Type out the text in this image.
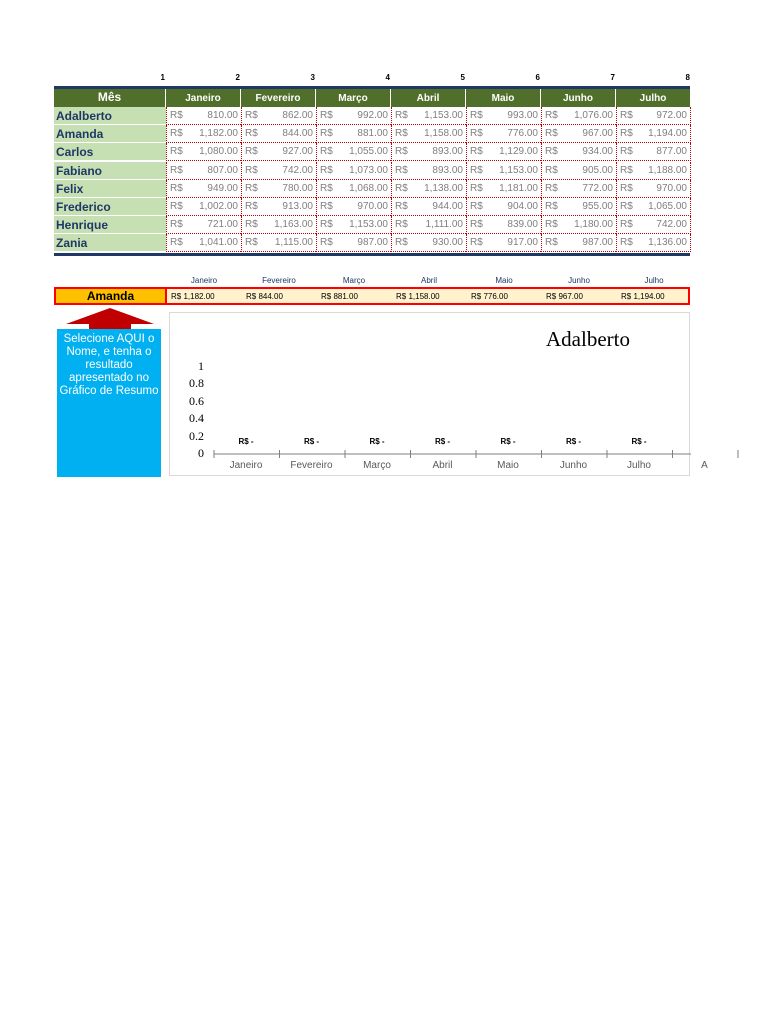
1	2	3	4	5	6	7	8
Mês	Janeiro	Fevereiro	Março	Abril	Maio	Junho	Julho
Adalberto	R$ 810.00 R$ 862.00 R$ 992.00 R$ 1,153.00 R$ 993.00 R$ 1,076.00 R$ 972.00
Amanda	R$ 1,182.00 R$ 844.00 R$ 881.00 R$ 1,158.00 R$ 776.00 R$ 967.00 R$ 1,194.00
Carlos	R$ 1,080.00 R$ 927.00 R$ 1,055.00 R$ 893.00 R$ 1,129.00 R$ 934.00 R$ 877.00
Fabiano	R$ 807.00 R$ 742.00 R$ 1,073.00 R$ 893.00 R$ 1,153.00 R$ 905.00 R$ 1,188.00
Felix	R$ 949.00 R$ 780.00 R$ 1,068.00 R$ 1,138.00 R$ 1,181.00 R$ 772.00 R$ 970.00
Frederico	R$ 1,002.00 R$ 913.00 R$ 970.00 R$ 944.00 R$ 904.00 R$ 955.00 R$ 1,065.00
Henrique	R$ 721.00 R$ 1,163.00 R$ 1,153.00 R$ 1,111.00 R$ 839.00 R$ 1,180.00 R$ 742.00
Zania	R$ 1,041.00 R$ 1,115.00 R$ 987.00 R$ 930.00 R$ 917.00 R$ 987.00 R$ 1,136.00
Janeiro	Fevereiro	Março	Abril	Maio	Junho	Julho
Amanda	R$ 1,182.00	R$ 844.00	R$ 881.00	R$ 1,158.00	R$ 776.00	R$ 967.00	R$ 1,194.00
Selecione AQUI o Nome, e tenha o resultado apresentado no Gráfico de Resumo
Adalberto
1
0.8
0.6
0.4
0.2
0
Janeiro	Fevereiro	Março	Abril	Maio	Junho	Julho	A
R$ -	R$ -	R$ -	R$ -	R$ -	R$ -	R$ -
